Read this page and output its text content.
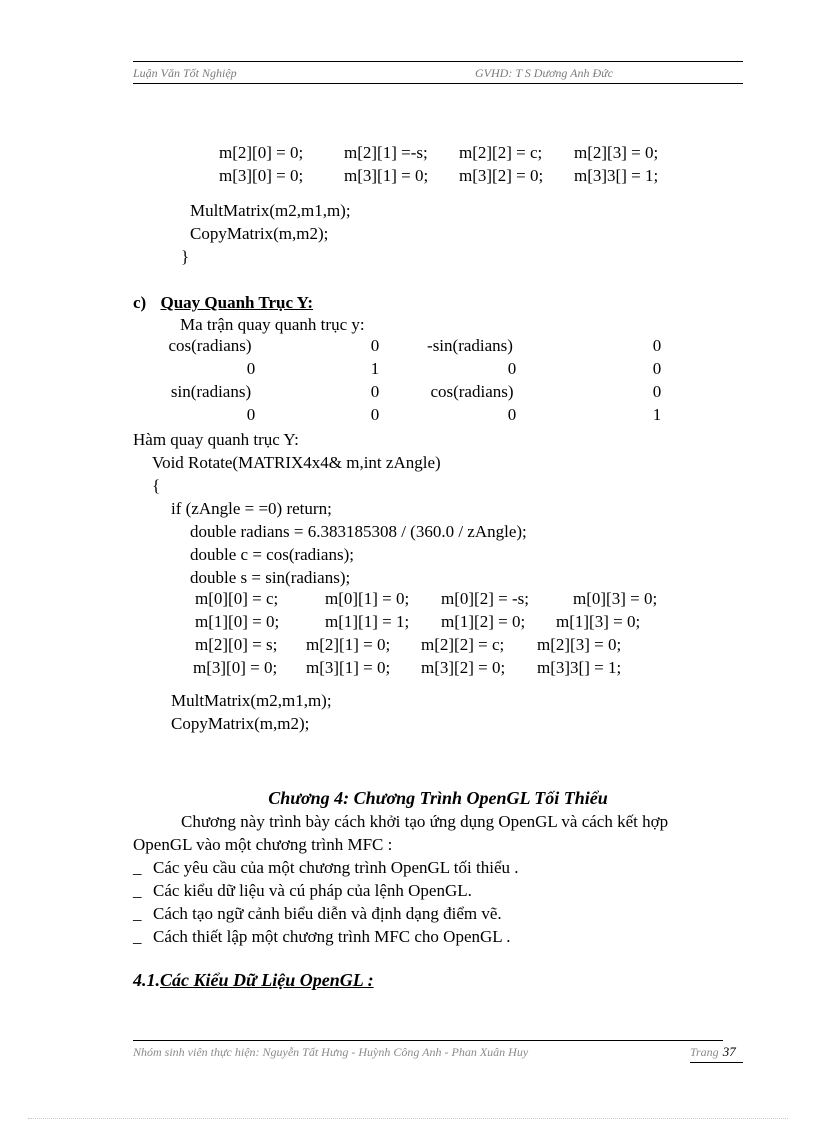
Luận Văn Tốt Nghiệp	GVHD: T S Dương Anh Đức
m[2][0] = 0; m[2][1] =-s; m[2][2] = c; m[2][3] = 0;
m[3][0] = 0; m[3][1] = 0; m[3][2] = 0; m[3]3[] = 1;
MultMatrix(m2,m1,m);
CopyMatrix(m,m2);
}
c) Quay Quanh Trục Y:
Ma trận quay quanh trục y:
cos(radians)	0	-sin(radians)	0
0	1	0	0
sin(radians)	0	cos(radians)	0
0	0	0	1
Hàm quay quanh trục Y:
Void Rotate(MATRIX4x4& m,int zAngle)
{
if (zAngle = =0) return;
double radians = 6.383185308 / (360.0 / zAngle);
double c = cos(radians);
double s = sin(radians);
m[0][0] = c;	m[0][1] = 0; m[0][2] = -s;	m[0][3] = 0;
m[1][0] = 0;	m[1][1] = 1; m[1][2] = 0; m[1][3] = 0;
m[2][0] = s; m[2][1] = 0; m[2][2] = c; m[2][3] = 0;
m[3][0] = 0; m[3][1] = 0; m[3][2] = 0; m[3]3[] = 1;
MultMatrix(m2,m1,m);
CopyMatrix(m,m2);
Chương 4: Chương Trình OpenGL Tối Thiểu
Chương này trình bày cách khởi tạo ứng dụng OpenGL và cách kết hợp
OpenGL vào một chương trình MFC :
_ Các yêu cầu của một chương trình OpenGL tối thiểu .
_ Các kiểu dữ liệu và cú pháp của lệnh OpenGL.
_ Cách tạo ngữ cảnh biểu diễn và định dạng điểm vẽ.
_ Cách thiết lập một chương trình MFC cho OpenGL .
4.1.Các Kiểu Dữ Liệu OpenGL :
Nhóm sinh viên thực hiện: Nguyễn Tất Hưng - Huỳnh Công Anh - Phan Xuân Huy	Trang 37
